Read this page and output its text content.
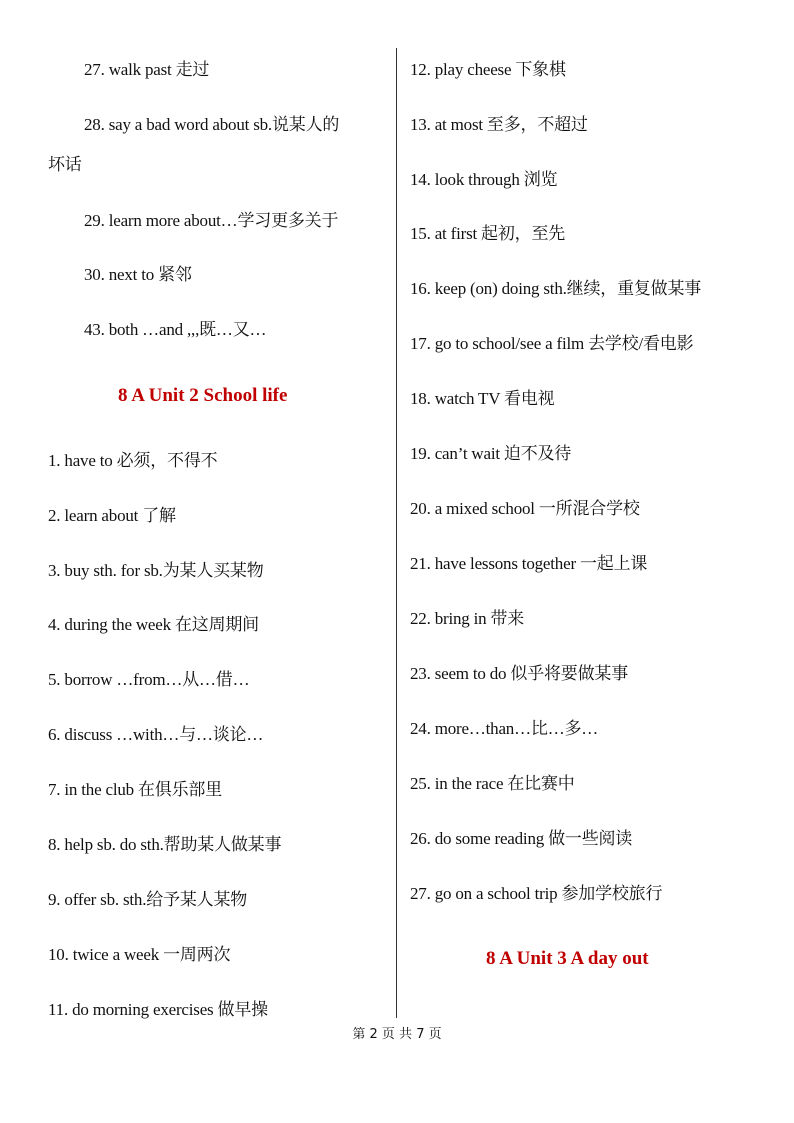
27. walk past 走过
28. say a bad word about sb.说某人的
坏话
29. learn more about…学习更多关于
30. next to 紧邻
43. both …and ,,,既…又…
8 A Unit 2 School life
1. have to 必须，不得不
2. learn about 了解
3. buy sth. for sb.为某人买某物
4. during the week 在这周期间
5. borrow …from…从…借…
6. discuss …with…与…谈论…
7. in the club 在俱乐部里
8. help sb. do sth.帮助某人做某事
9. offer sb. sth.给予某人某物
10. twice a week 一周两次
11. do morning exercises 做早操
12. play cheese 下象棋
13. at most 至多，不超过
14. look through 浏览
15. at first 起初，至先
16. keep (on) doing sth.继续，重复做某事
17. go to school/see a film 去学校/看电影
18. watch TV 看电视
19. can’t wait 迫不及待
20. a mixed school 一所混合学校
21. have lessons together 一起上课
22. bring in 带来
23. seem to do 似乎将要做某事
24. more…than…比…多…
25. in the race 在比赛中
26. do some reading 做一些阅读
27. go on a school trip 参加学校旅行
8 A Unit 3 A day out
第 2 页 共 7 页
